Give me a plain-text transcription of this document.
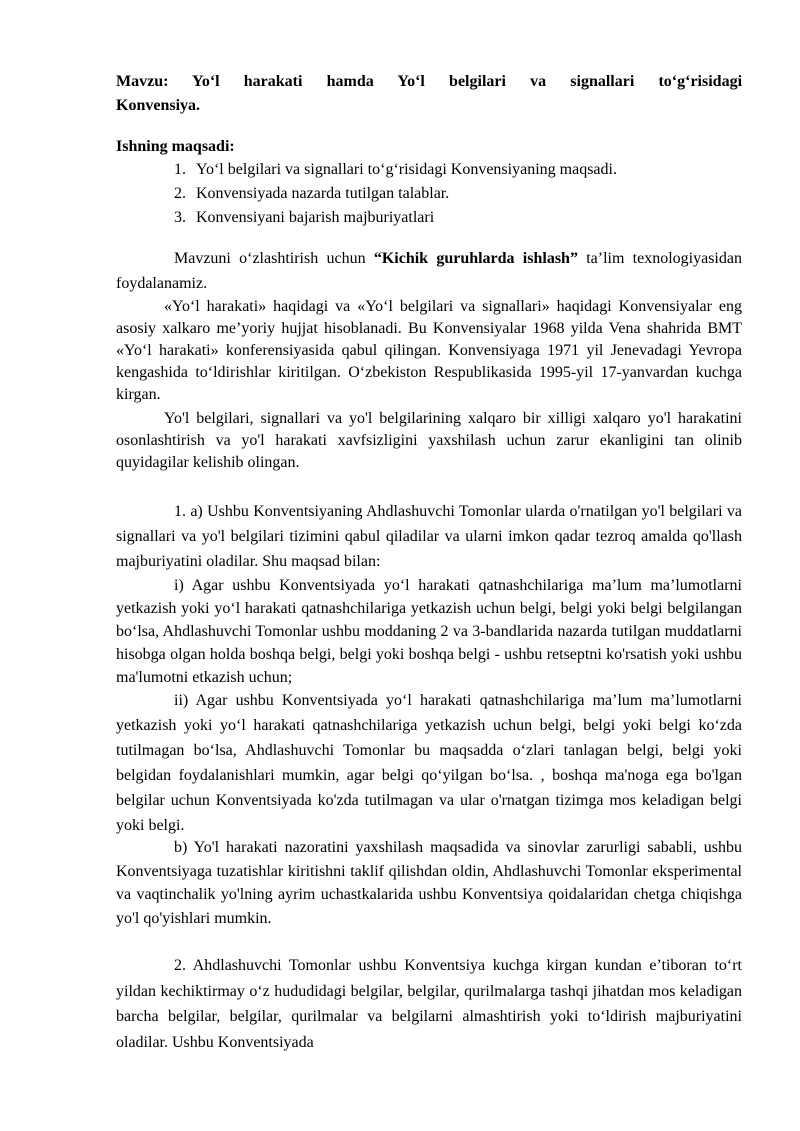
Mavzu: Yo‘l harakati hamda Yo‘l belgilari va signallari to‘g‘risidagi
Konvensiya.
Ishning maqsadi:
1. Yo‘l belgilari va signallari to‘g‘risidagi Konvensiyaning maqsadi.
2. Konvensiyada nazarda tutilgan talablar.
3. Konvensiyani bajarish majburiyatlari

Mavzuni o‘zlashtirish uchun “Kichik guruhlarda ishlash” ta’lim texnologiyasidan foydalanamiz.

«Yo‘l harakati» haqidagi va «Yo‘l belgilari va signallari» haqidagi Konvensiyalar eng asosiy xalkaro me’yoriy hujjat hisoblanadi. Bu Konvensiyalar 1968 yilda Vena shahrida BMT «Yo‘l harakati» konferensiyasida qabul qilingan. Konvensiyaga 1971 yil Jenevadagi Yevropa kengashida to‘ldirishlar kiritilgan. O‘zbekiston Respublikasida 1995-yil 17-yanvardan kuchga kirgan.

Yo'l belgilari, signallari va yo'l belgilarining xalqaro bir xilligi xalqaro yo'l harakatini osonlashtirish va yo'l harakati xavfsizligini yaxshilash uchun zarur ekanligini tan olinib quyidagilar kelishib olingan.

1. a) Ushbu Konventsiyaning Ahdlashuvchi Tomonlar ularda o'rnatilgan yo'l belgilari va signallari va yo'l belgilari tizimini qabul qiladilar va ularni imkon qadar tezroq amalda qo'llash majburiyatini oladilar. Shu maqsad bilan:

i) Agar ushbu Konventsiyada yo‘l harakati qatnashchilariga ma’lum ma’lumotlarni yetkazish yoki yo‘l harakati qatnashchilariga yetkazish uchun belgi, belgi yoki belgi belgilangan bo‘lsa, Ahdlashuvchi Tomonlar ushbu moddaning 2 va 3-bandlarida nazarda tutilgan muddatlarni hisobga olgan holda boshqa belgi, belgi yoki boshqa belgi - ushbu retseptni ko'rsatish yoki ushbu ma'lumotni etkazish uchun;

ii) Agar ushbu Konventsiyada yo‘l harakati qatnashchilariga ma’lum ma’lumotlarni yetkazish yoki yo‘l harakati qatnashchilariga yetkazish uchun belgi, belgi yoki belgi ko‘zda tutilmagan bo‘lsa, Ahdlashuvchi Tomonlar bu maqsadda o‘zlari tanlagan belgi, belgi yoki belgidan foydalanishlari mumkin, agar belgi qo‘yilgan bo‘lsa. , boshqa ma'noga ega bo'lgan belgilar uchun Konventsiyada ko'zda tutilmagan va ular o'rnatgan tizimga mos keladigan belgi yoki belgi.

b) Yo'l harakati nazoratini yaxshilash maqsadida va sinovlar zarurligi sababli, ushbu Konventsiyaga tuzatishlar kiritishni taklif qilishdan oldin, Ahdlashuvchi Tomonlar eksperimental va vaqtinchalik yo'lning ayrim uchastkalarida ushbu Konventsiya qoidalaridan chetga chiqishga yo'l qo'yishlari mumkin.

2. Ahdlashuvchi Tomonlar ushbu Konventsiya kuchga kirgan kundan e’tiboran to‘rt yildan kechiktirmay o‘z hududidagi belgilar, belgilar, qurilmalarga tashqi jihatdan mos keladigan barcha belgilar, belgilar, qurilmalar va belgilarni almashtirish yoki to‘ldirish majburiyatini oladilar. Ushbu Konventsiyada
